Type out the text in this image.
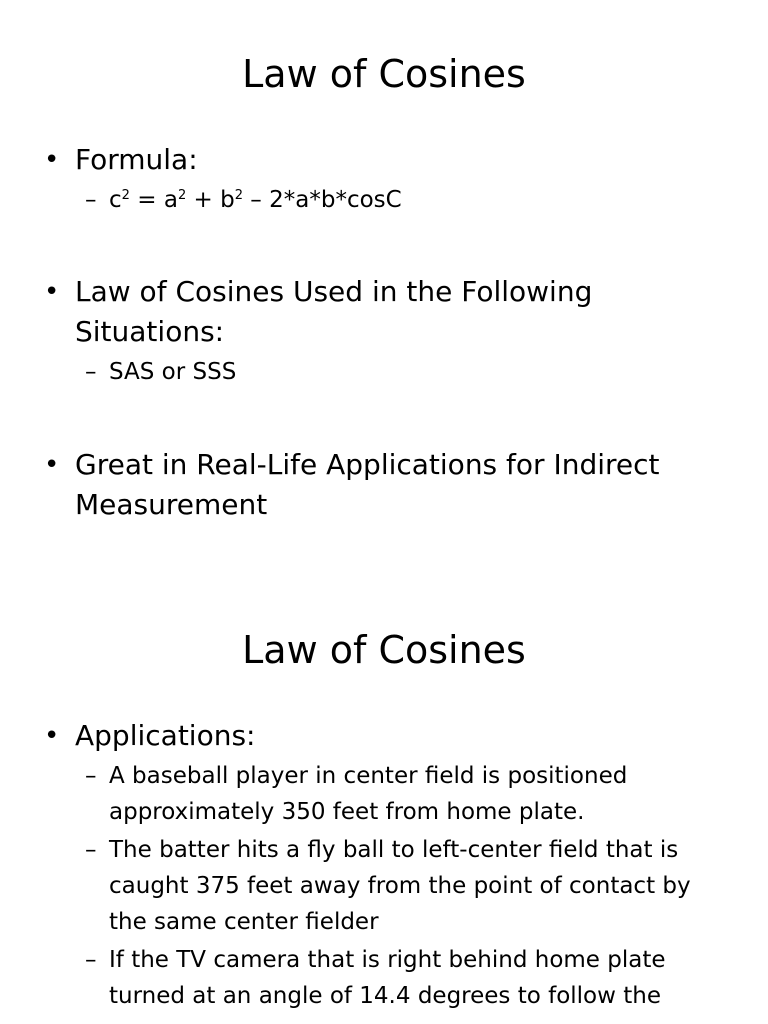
Law of Cosines
• Formula:
– $c^2 = a^2 + b^2 - 2*a*b*\cos C$
• Law of Cosines Used in the Following Situations:
– SAS or SSS
• Great in Real-Life Applications for Indirect Measurement
Law of Cosines
• Applications:
– A baseball player in center field is positioned approximately 350 feet from home plate.
– The batter hits a fly ball to left-center field that is caught 375 feet away from the point of contact by the same center fielder
– If the TV camera that is right behind home plate turned at an angle of 14.4 degrees to follow the
